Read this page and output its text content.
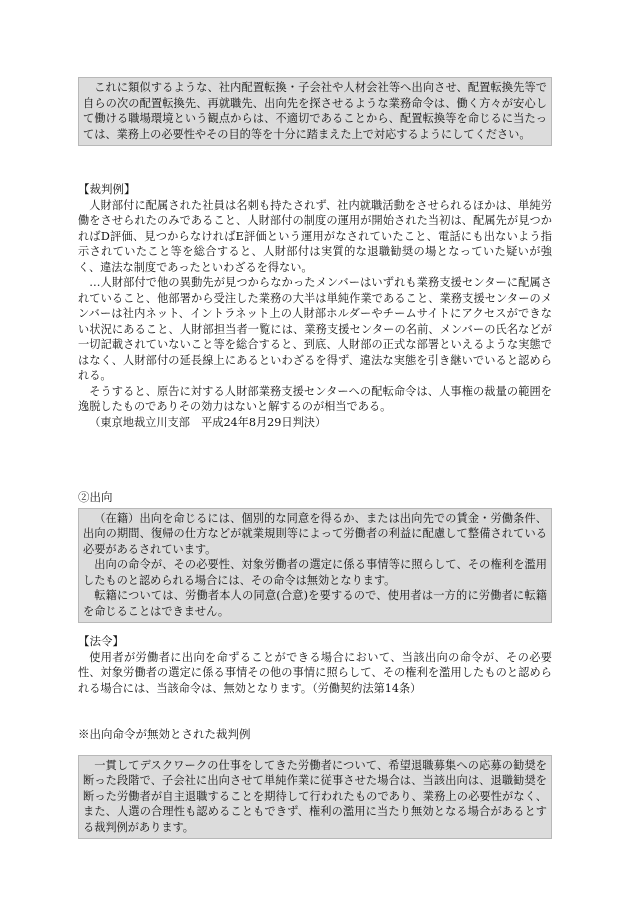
これに類似するような、社内配置転換・子会社や人材会社等へ出向させ、配置転換先等で自らの次の配置転換先、再就職先、出向先を探させるような業務命令は、働く方々が安心して働ける職場環境という観点からは、不適切であることから、配置転換等を命じるに当たっては、業務上の必要性やその目的等を十分に踏まえた上で対応するようにしてください。

【裁判例】

人財部付に配属された社員は名刺も持たされず、社内就職活動をさせられるほかは、単純労働をさせられたのみであること、人財部付の制度の運用が開始された当初は、配属先が見つかればD評価、見つからなければE評価という運用がなされていたこと、電話にも出ないよう指示されていたこと等を総合すると、人財部付は実質的な退職勧奨の場となっていた疑いが強く、違法な制度であったといわざるを得ない。

…人財部付で他の異動先が見つからなかったメンバーはいずれも業務支援センターに配属されていること、他部署から受注した業務の大半は単純作業であること、業務支援センターのメンバーは社内ネット、イントラネット上の人財部ホルダーやチームサイトにアクセスができない状況にあること、人財部担当者一覧には、業務支援センターの名前、メンバーの氏名などが一切記載されていないこと等を総合すると、到底、人財部の正式な部署といえるような実態ではなく、人財部付の延長線上にあるといわざるを得ず、違法な実態を引き継いでいると認められる。

そうすると、原告に対する人財部業務支援センターへの配転命令は、人事権の裁量の範囲を逸脱したものでありその効力はないと解するのが相当である。

（東京地裁立川支部　平成24年8月29日判決）

②出向

（在籍）出向を命じるには、個別的な同意を得るか、または出向先での賃金・労働条件、出向の期間、復帰の仕方などが就業規則等によって労働者の利益に配慮して整備されている必要があるされています。

出向の命令が、その必要性、対象労働者の選定に係る事情等に照らして、その権利を濫用したものと認められる場合には、その命令は無効となります。

転籍については、労働者本人の同意(合意)を要するので、使用者は一方的に労働者に転籍を命じることはできません。

【法令】

使用者が労働者に出向を命ずることができる場合において、当該出向の命令が、その必要性、対象労働者の選定に係る事情その他の事情に照らして、その権利を濫用したものと認められる場合には、当該命令は、無効となります。（労働契約法第14条）

※出向命令が無効とされた裁判例

一貫してデスクワークの仕事をしてきた労働者について、希望退職募集への応募の勧奨を断った段階で、子会社に出向させて単純作業に従事させた場合は、当該出向は、退職勧奨を断った労働者が自主退職することを期待して行われたものであり、業務上の必要性がなく、また、人選の合理性も認めることもできず、権利の濫用に当たり無効となる場合があるとする裁判例があります。
